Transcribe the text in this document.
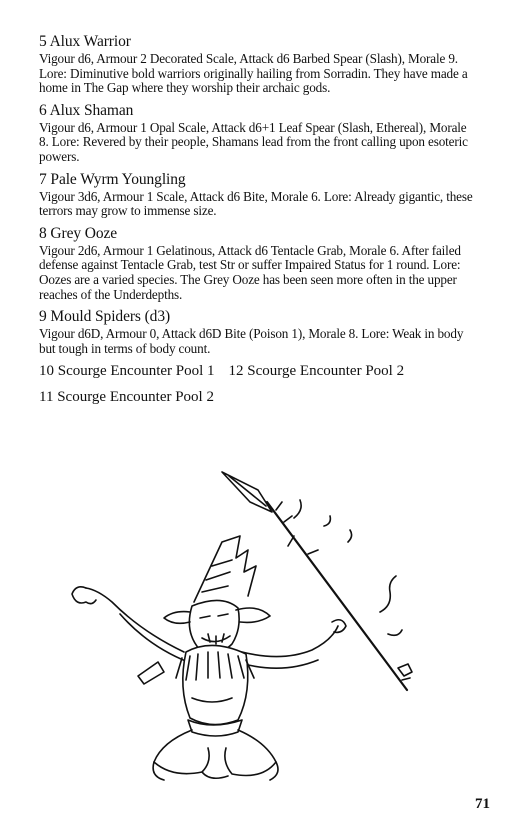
5 Alux Warrior
Vigour d6, Armour 2 Decorated Scale, Attack d6 Barbed Spear (Slash), Morale 9. Lore: Diminutive bold warriors originally hailing from Sorradin. They have made a home in The Gap where they worship their archaic gods.
6 Alux Shaman
Vigour d6, Armour 1 Opal Scale, Attack d6+1 Leaf Spear (Slash, Ethereal), Morale 8. Lore: Revered by their people, Shamans lead from the front calling upon esoteric powers.
7 Pale Wyrm Youngling
Vigour 3d6, Armour 1 Scale, Attack d6 Bite, Morale 6. Lore: Already gigantic, these terrors may grow to immense size.
8 Grey Ooze
Vigour 2d6, Armour 1 Gelatinous, Attack d6 Tentacle Grab, Morale 6. After failed defense against Tentacle Grab, test Str or suffer Impaired Status for 1 round. Lore: Oozes are a varied species. The Grey Ooze has been seen more often in the upper reaches of the Underdepths.
9 Mould Spiders (d3)
Vigour d6D, Armour 0, Attack d6D Bite (Poison 1), Morale 8. Lore: Weak in body but tough in terms of body count.
10 Scourge Encounter Pool 1 12 Scourge Encounter Pool 2
11 Scourge Encounter Pool 2
71
